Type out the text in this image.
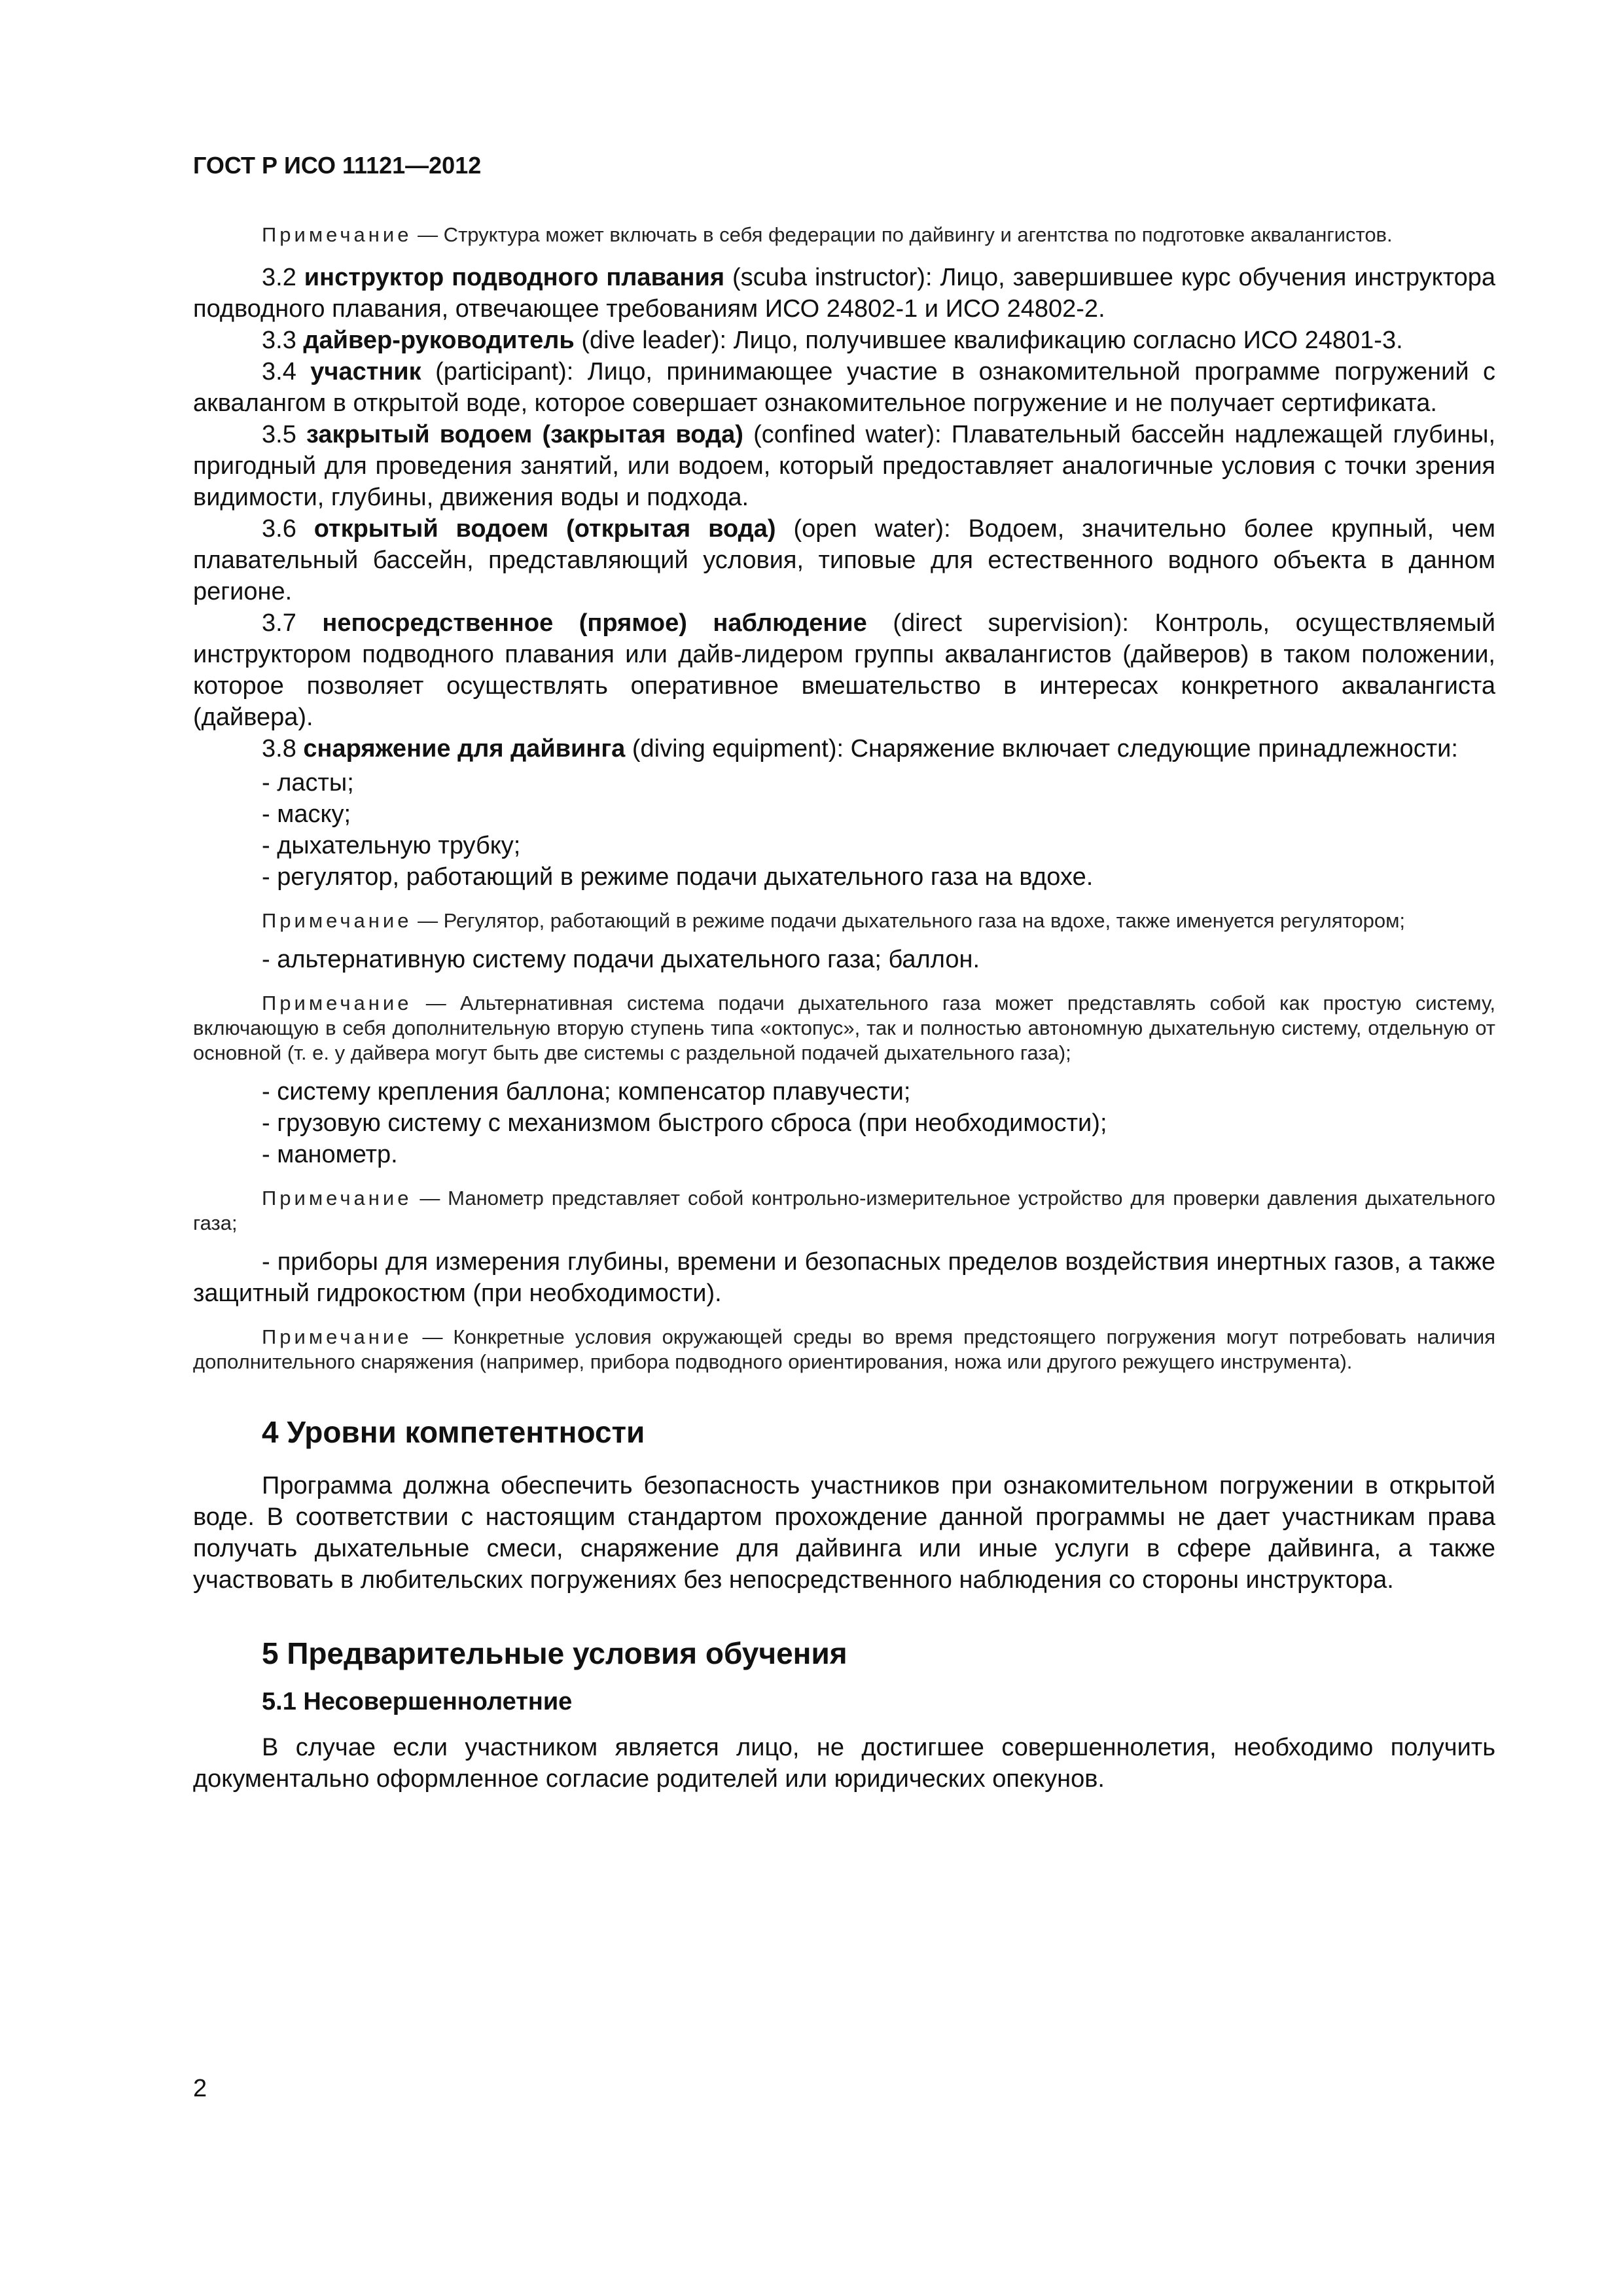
ГОСТ Р ИСО 11121—2012

Примечание — Структура может включать в себя федерации по дайвингу и агентства по подготовке аквалангистов.

3.2 инструктор подводного плавания (scuba instructor): Лицо, завершившее курс обучения инструктора подводного плавания, отвечающее требованиям ИСО 24802-1 и ИСО 24802-2.

3.3 дайвер-руководитель (dive leader): Лицо, получившее квалификацию согласно ИСО 24801-3.

3.4 участник (participant): Лицо, принимающее участие в ознакомительной программе погружений с аквалангом в открытой воде, которое совершает ознакомительное погружение и не получает сертификата.

3.5 закрытый водоем (закрытая вода) (confined water): Плавательный бассейн надлежащей глубины, пригодный для проведения занятий, или водоем, который предоставляет аналогичные условия с точки зрения видимости, глубины, движения воды и подхода.

3.6 открытый водоем (открытая вода) (open water): Водоем, значительно более крупный, чем плавательный бассейн, представляющий условия, типовые для естественного водного объекта в данном регионе.

3.7 непосредственное (прямое) наблюдение (direct supervision): Контроль, осуществляемый инструктором подводного плавания или дайв-лидером группы аквалангистов (дайверов) в таком положении, которое позволяет осуществлять оперативное вмешательство в интересах конкретного аквалангиста (дайвера).

3.8 снаряжение для дайвинга (diving equipment): Снаряжение включает следующие принадлежности:

- ласты;

- маску;

- дыхательную трубку;

- регулятор, работающий в режиме подачи дыхательного газа на вдохе.

Примечание — Регулятор, работающий в режиме подачи дыхательного газа на вдохе, также именуется регулятором;

- альтернативную систему подачи дыхательного газа; баллон.

Примечание — Альтернативная система подачи дыхательного газа может представлять собой как простую систему, включающую в себя дополнительную вторую ступень типа «октопус», так и полностью автономную дыхательную систему, отдельную от основной (т. е. у дайвера могут быть две системы с раздельной подачей дыхательного газа);

- систему крепления баллона; компенсатор плавучести;

- грузовую систему с механизмом быстрого сброса (при необходимости);

- манометр.

Примечание — Манометр представляет собой контрольно-измерительное устройство для проверки давления дыхательного газа;

- приборы для измерения глубины, времени и безопасных пределов воздействия инертных газов, а также защитный гидрокостюм (при необходимости).

Примечание — Конкретные условия окружающей среды во время предстоящего погружения могут потребовать наличия дополнительного снаряжения (например, прибора подводного ориентирования, ножа или другого режущего инструмента).

4 Уровни компетентности

Программа должна обеспечить безопасность участников при ознакомительном погружении в открытой воде. В соответствии с настоящим стандартом прохождение данной программы не дает участникам права получать дыхательные смеси, снаряжение для дайвинга или иные услуги в сфере дайвинга, а также участвовать в любительских погружениях без непосредственного наблюдения со стороны инструктора.

5 Предварительные условия обучения

5.1 Несовершеннолетние

В случае если участником является лицо, не достигшее совершеннолетия, необходимо получить документально оформленное согласие родителей или юридических опекунов.

2
